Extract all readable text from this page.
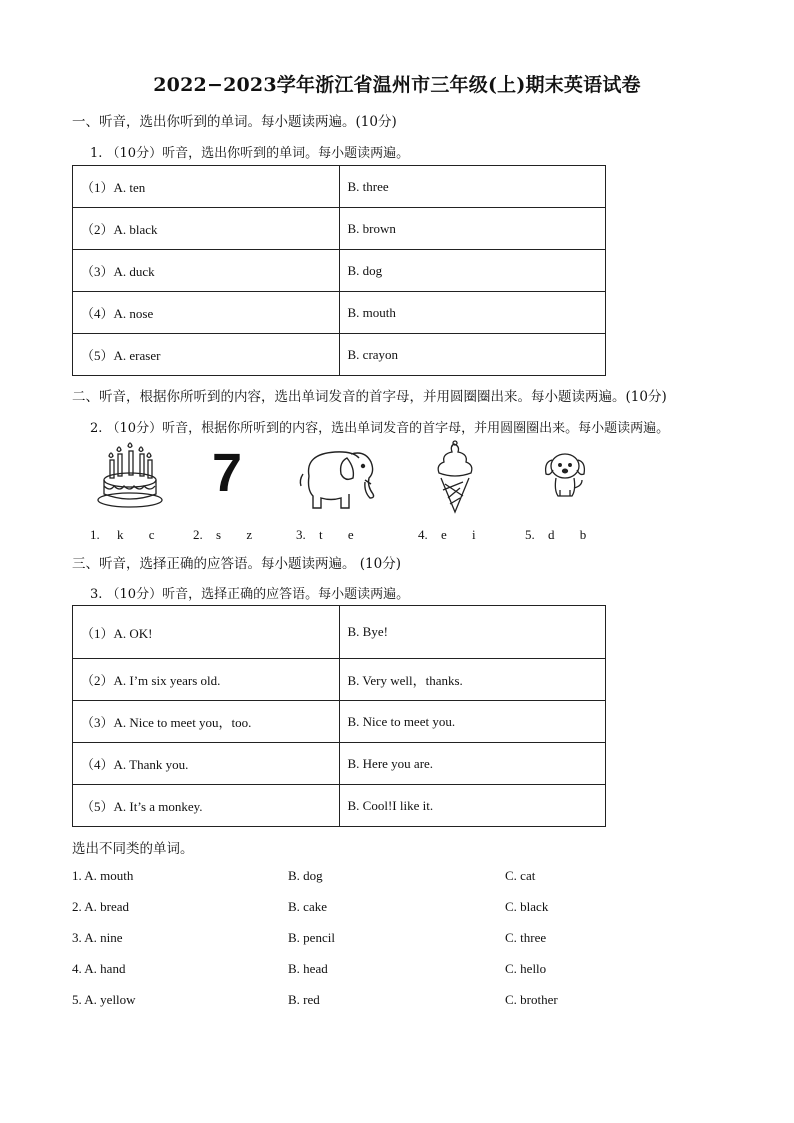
2022−2023学年浙江省温州市三年级(上)期末英语试卷
一、听音，选出你听到的单词。每小题读两遍。(10分)
1. （10分）听音，选出你听到的单词。每小题读两遍。
（1）A. ten	B. three
（2）A. black	B. brown
（3）A. duck	B. dog
（4）A. nose	B. mouth
（5）A. eraser	B. crayon
二、听音，根据你所听到的内容，选出单词发音的首字母，并用圆圈圈出来。每小题读两遍。(10分)
2. （10分）听音，根据你所听到的内容，选出单词发音的首字母，并用圆圈圈出来。每小题读两遍。
7
1. k c	2. s z	3. t e	4. e i	5. d b
三、听音，选择正确的应答语。每小题读两遍。 (10分)
3. （10分）听音，选择正确的应答语。每小题读两遍。
（1）A. OK!	B. Bye!
（2）A. I’m six years old.	B. Very well，thanks.
（3）A. Nice to meet you，too.	B. Nice to meet you.
（4）A. Thank you.	B. Here you are.
（5）A. It’s a monkey.	B. Cool!I like it.
选出不同类的单词。
1. A. mouth	B. dog	C. cat
2. A. bread	B. cake	C. black
3. A. nine	B. pencil	C. three
4. A. hand	B. head	C. hello
5. A. yellow	B. red	C. brother
